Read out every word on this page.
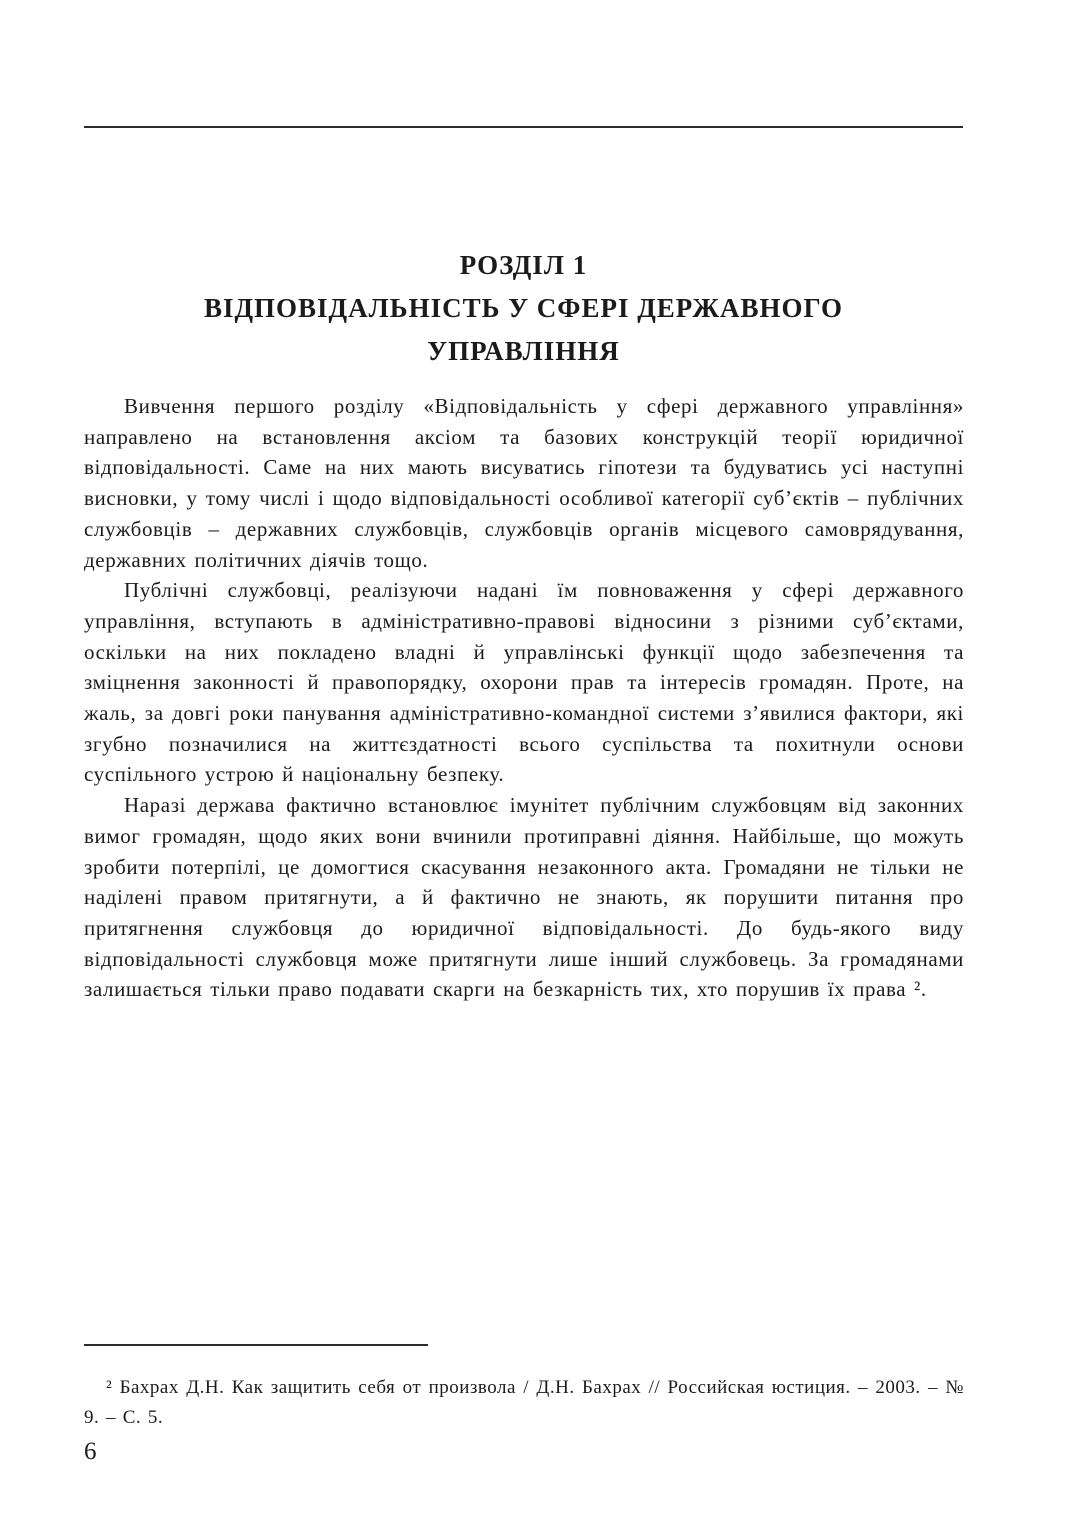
РОЗДІЛ 1
ВІДПОВІДАЛЬНІСТЬ У СФЕРІ ДЕРЖАВНОГО
УПРАВЛІННЯ

Вивчення першого розділу «Відповідальність у сфері державного управління» направлено на встановлення аксіом та базових конструкцій теорії юридичної відповідальності. Саме на них мають висуватись гіпотези та будуватись усі наступні висновки, у тому числі і щодо відповідальності особливої категорії суб’єктів – публічних службовців – державних службовців, службовців органів місцевого самоврядування, державних політичних діячів тощо.

Публічні службовці, реалізуючи надані їм повноваження у сфері державного управління, вступають в адміністративно-правові відносини з різними суб’єктами, оскільки на них покладено владні й управлінські функції щодо забезпечення та зміцнення законності й правопорядку, охорони прав та інтересів громадян. Проте, на жаль, за довгі роки панування адміністративно-командної системи з’явилися фактори, які згубно позначилися на життєздатності всього суспільства та похитнули основи суспільного устрою й національну безпеку.

Наразі держава фактично встановлює імунітет публічним службовцям від законних вимог громадян, щодо яких вони вчинили протиправні діяння. Найбільше, що можуть зробити потерпілі, це домогтися скасування незаконного акта. Громадяни не тільки не наділені правом притягнути, а й фактично не знають, як порушити питання про притягнення службовця до юридичної відповідальності. До будь-якого виду відповідальності службовця може притягнути лише інший службовець. За громадянами залишається тільки право подавати скарги на безкарність тих, хто порушив їх права ².

² Бахрах Д.Н. Как защитить себя от произвола / Д.Н. Бахрах // Российская юстиция. – 2003. – № 9. – С. 5.

6
